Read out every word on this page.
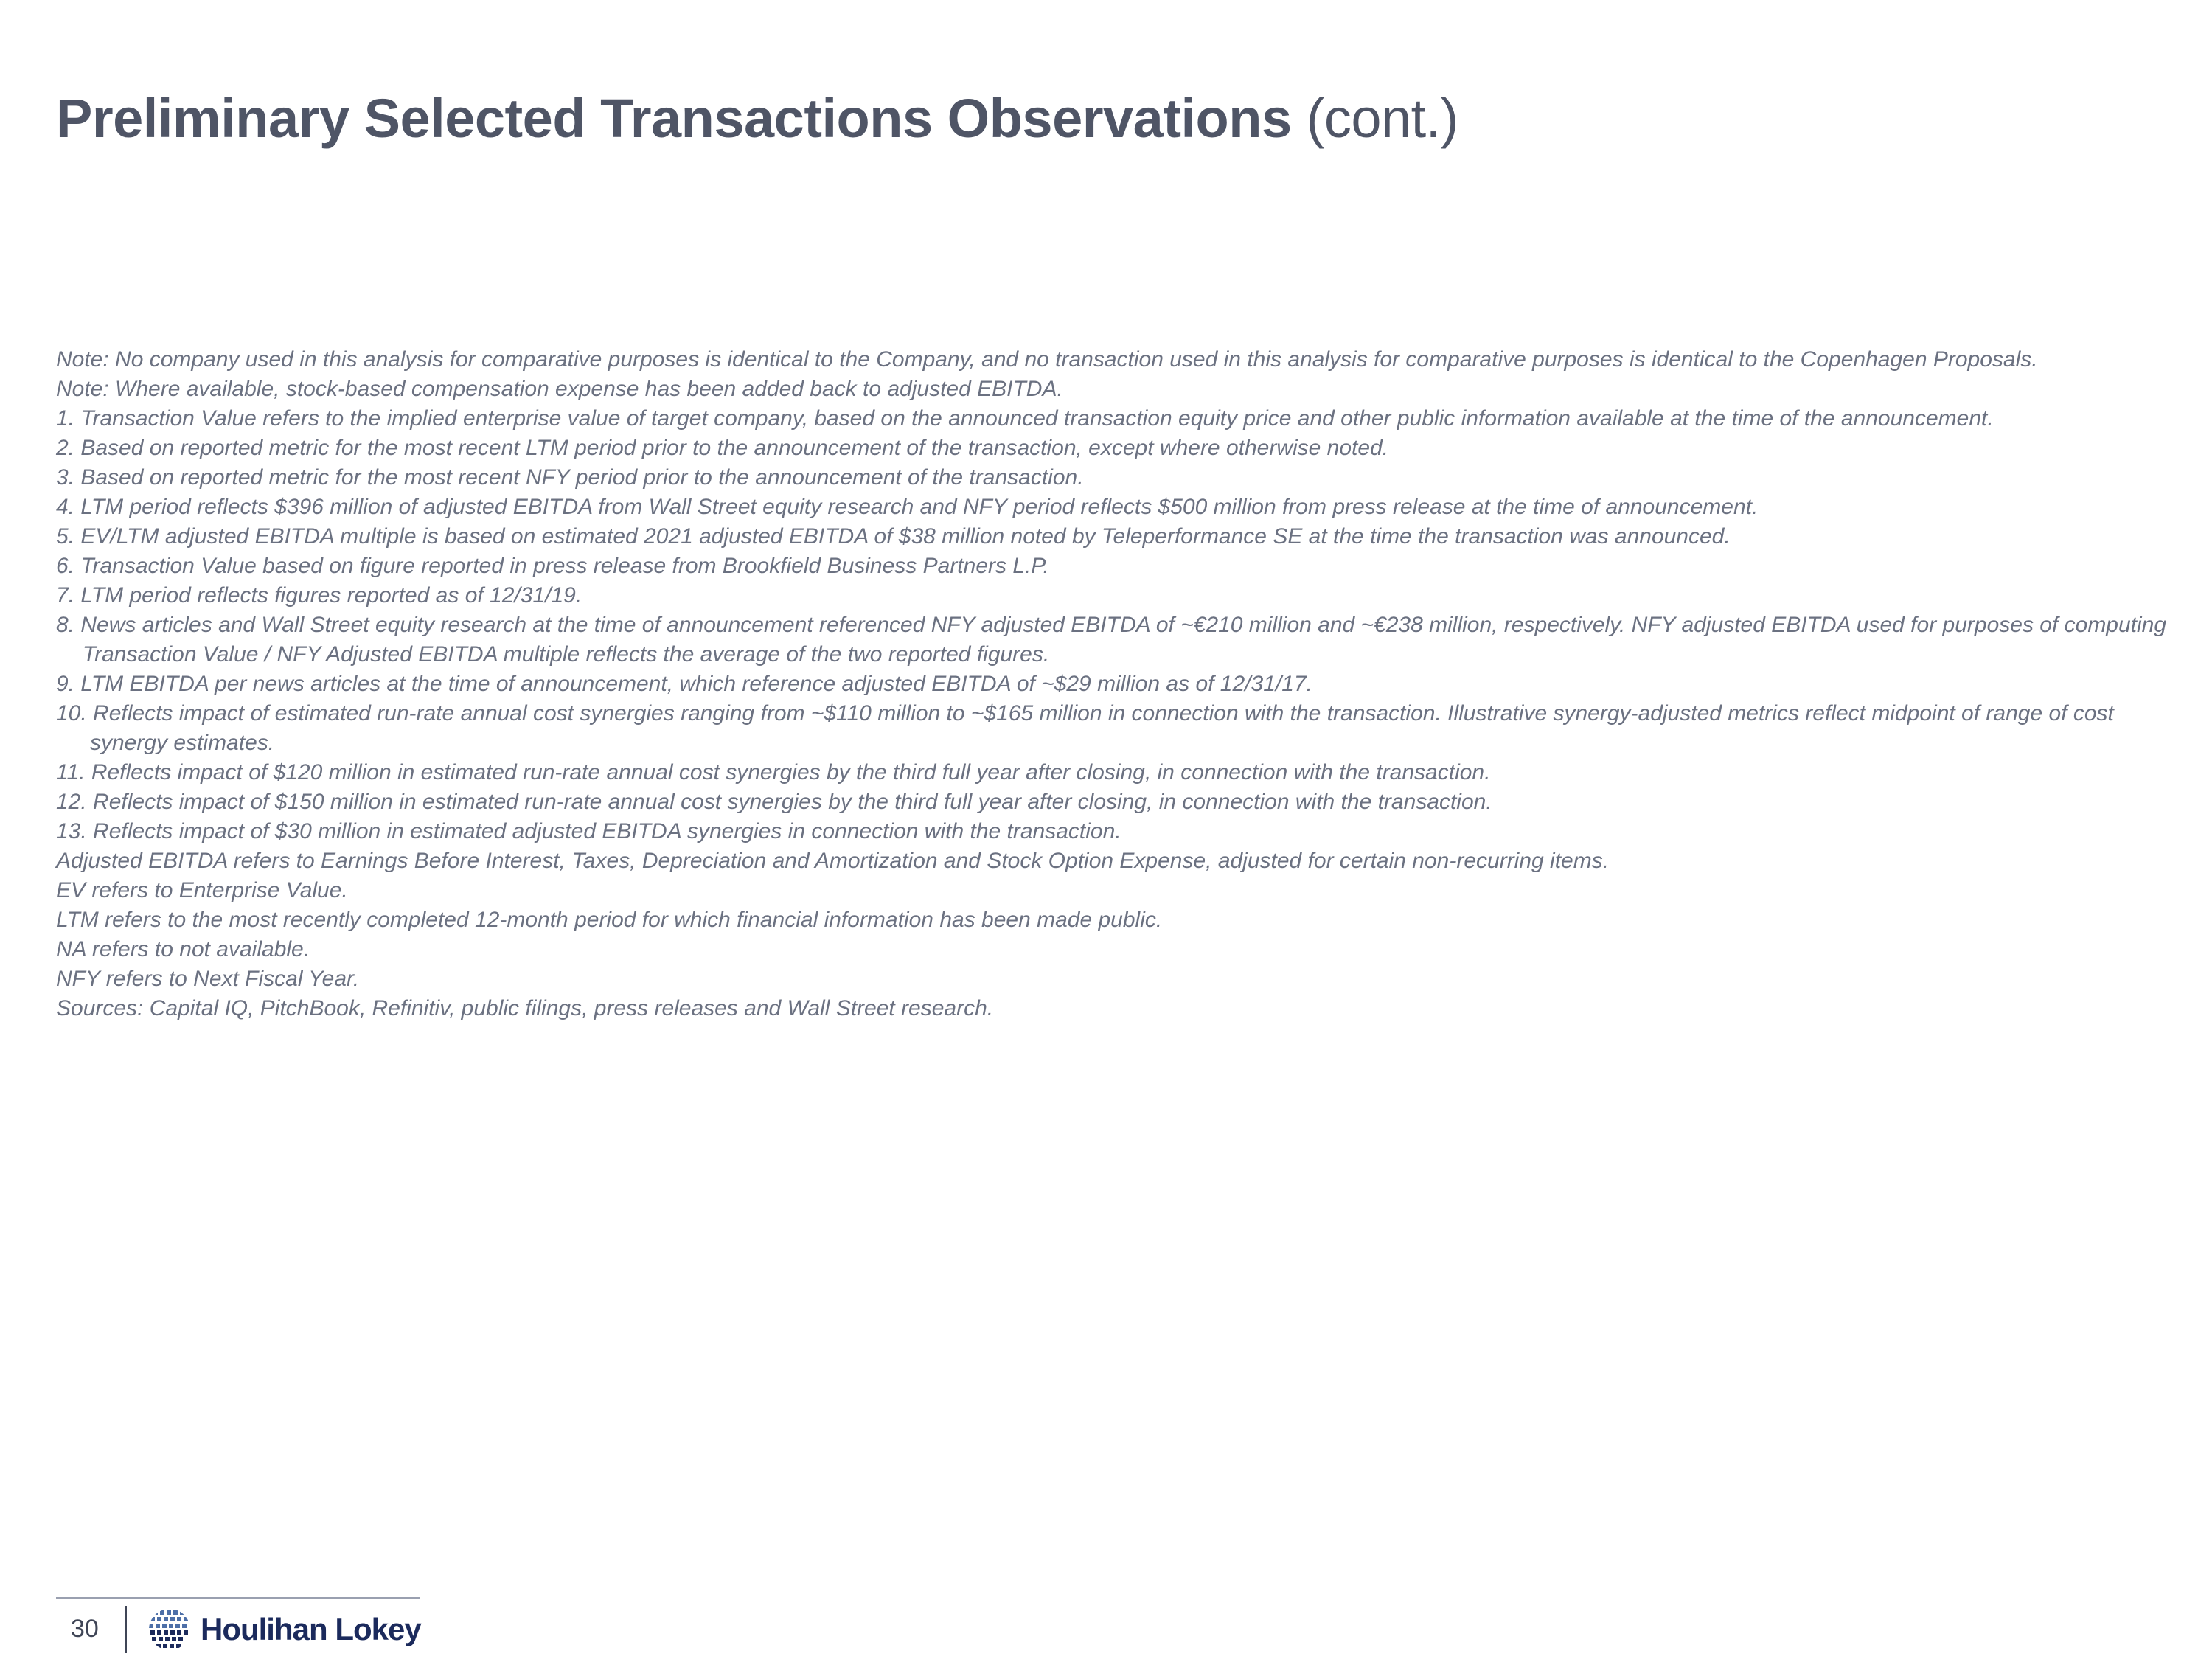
Preliminary Selected Transactions Observations (cont.)

Note: No company used in this analysis for comparative purposes is identical to the Company, and no transaction used in this analysis for comparative purposes is identical to the Copenhagen Proposals.

Note: Where available, stock-based compensation expense has been added back to adjusted EBITDA.

1. Transaction Value refers to the implied enterprise value of target company, based on the announced transaction equity price and other public information available at the time of the announcement.

2. Based on reported metric for the most recent LTM period prior to the announcement of the transaction, except where otherwise noted.

3. Based on reported metric for the most recent NFY period prior to the announcement of the transaction.

4. LTM period reflects $396 million of adjusted EBITDA from Wall Street equity research and NFY period reflects $500 million from press release at the time of announcement.

5. EV/LTM adjusted EBITDA multiple is based on estimated 2021 adjusted EBITDA of $38 million noted by Teleperformance SE at the time the transaction was announced.

6. Transaction Value based on figure reported in press release from Brookfield Business Partners L.P.

7. LTM period reflects figures reported as of 12/31/19.

8. News articles and Wall Street equity research at the time of announcement referenced NFY adjusted EBITDA of ~€210 million and ~€238 million, respectively. NFY adjusted EBITDA used for purposes of computing Transaction Value / NFY Adjusted EBITDA multiple reflects the average of the two reported figures.

9. LTM EBITDA per news articles at the time of announcement, which reference adjusted EBITDA of ~$29 million as of 12/31/17.

10. Reflects impact of estimated run-rate annual cost synergies ranging from ~$110 million to ~$165 million in connection with the transaction. Illustrative synergy-adjusted metrics reflect midpoint of range of cost synergy estimates.

11. Reflects impact of $120 million in estimated run-rate annual cost synergies by the third full year after closing, in connection with the transaction.

12. Reflects impact of $150 million in estimated run-rate annual cost synergies by the third full year after closing, in connection with the transaction.

13. Reflects impact of $30 million in estimated adjusted EBITDA synergies in connection with the transaction.

Adjusted EBITDA refers to Earnings Before Interest, Taxes, Depreciation and Amortization and Stock Option Expense, adjusted for certain non-recurring items.

EV refers to Enterprise Value.

LTM refers to the most recently completed 12-month period for which financial information has been made public.

NA refers to not available.

NFY refers to Next Fiscal Year.

Sources: Capital IQ, PitchBook, Refinitiv, public filings, press releases and Wall Street research.

30	Houlihan Lokey
